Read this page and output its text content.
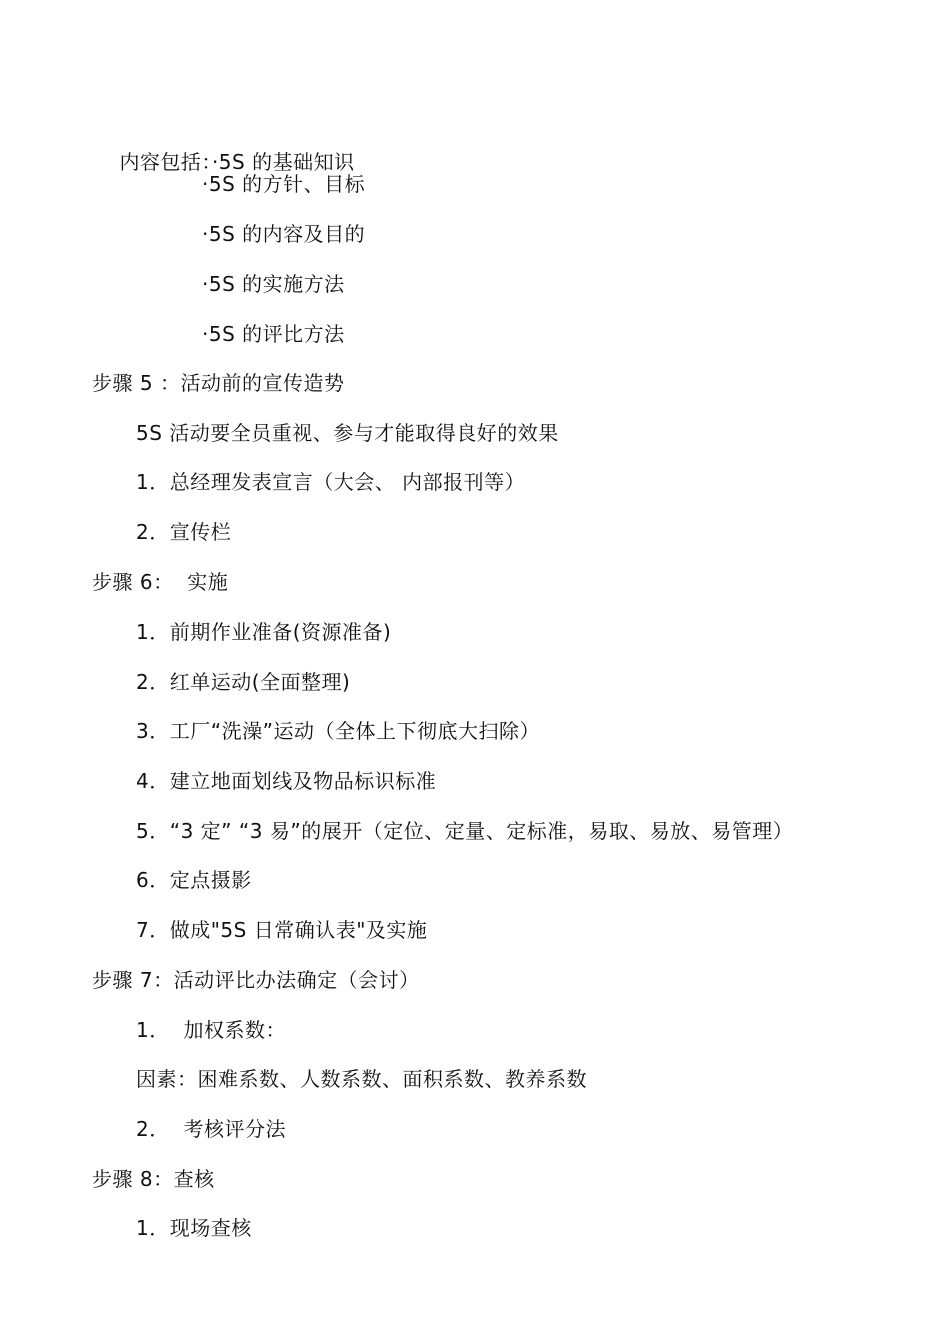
内容包括：·5S 的基础知识

·5S 的方针、目标
·5S 的内容及目的
·5S 的实施方法
·5S 的评比方法
步骤 5 ：活动前的宣传造势
5S 活动要全员重视、参与才能取得良好的效果
1．总经理发表宣言（大会、 内部报刊等）
2．宣传栏
步骤 6：  实施
1．前期作业准备(资源准备)
2．红单运动(全面整理)
3．工厂“洗澡”运动（全体上下彻底大扫除）
4．建立地面划线及物品标识标准
5．“3 定” “3 易”的展开（定位、定量、定标准，易取、易放、易管理）
6．定点摄影
7．做成"5S 日常确认表"及实施
步骤 7：活动评比办法确定（会讨）
1．  加权系数：
因素：困难系数、人数系数、面积系数、教养系数
2．  考核评分法
步骤 8：查核
1．现场查核
